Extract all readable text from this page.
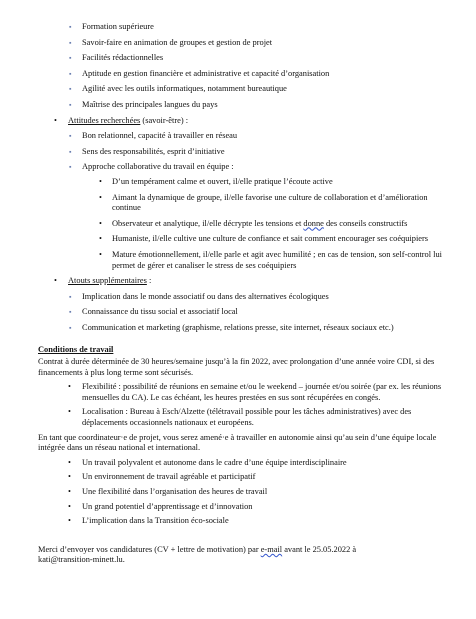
▪ Formation supérieure
▪ Savoir-faire en animation de groupes et gestion de projet
▪ Facilités rédactionnelles
▪ Aptitude en gestion financière et administrative et capacité d’organisation
▪ Agilité avec les outils informatiques, notamment bureautique
▪ Maîtrise des principales langues du pays
• Attitudes recherchées (savoir-être) :
▪ Bon relationnel, capacité à travailler en réseau
▪ Sens des responsabilités, esprit d’initiative
▪ Approche collaborative du travail en équipe :
• D’un tempérament calme et ouvert, il/elle pratique l’écoute active
• Aimant la dynamique de groupe, il/elle favorise une culture de collaboration et d’amélioration continue
• Observateur et analytique, il/elle décrypte les tensions et donne des conseils constructifs
• Humaniste, il/elle cultive une culture de confiance et sait comment encourager ses coéquipiers
• Mature émotionnellement, il/elle parle et agit avec humilité ; en cas de tension, son self-control lui permet de gérer et canaliser le stress de ses coéquipiers
• Atouts supplémentaires :
▪ Implication dans le monde associatif ou dans des alternatives écologiques
▪ Connaissance du tissu social et associatif local
▪ Communication et marketing (graphisme, relations presse, site internet, réseaux sociaux etc.)
Conditions de travail

Contrat à durée déterminée de 30 heures/semaine jusqu’à la fin 2022, avec prolongation d’une année voire CDI, si des financements à plus long terme sont sécurisés.

• Flexibilité : possibilité de réunions en semaine et/ou le weekend – journée et/ou soirée (par ex. les réunions mensuelles du CA). Le cas échéant, les heures prestées en sus sont récupérées en congés.
• Localisation : Bureau à Esch/Alzette (télétravail possible pour les tâches administratives) avec des déplacements occasionnels nationaux et européens.

En tant que coordinateur·e de projet, vous serez amené·e à travailler en autonomie ainsi qu’au sein d’une équipe locale intégrée dans un réseau national et international.

• Un travail polyvalent et autonome dans le cadre d’une équipe interdisciplinaire
• Un environnement de travail agréable et participatif
• Une flexibilité dans l’organisation des heures de travail
• Un grand potentiel d’apprentissage et d’innovation
• L’implication dans la Transition éco-sociale

Merci d’envoyer vos candidatures (CV + lettre de motivation) par e-mail avant le 25.05.2022 à
kati@transition-minett.lu.
